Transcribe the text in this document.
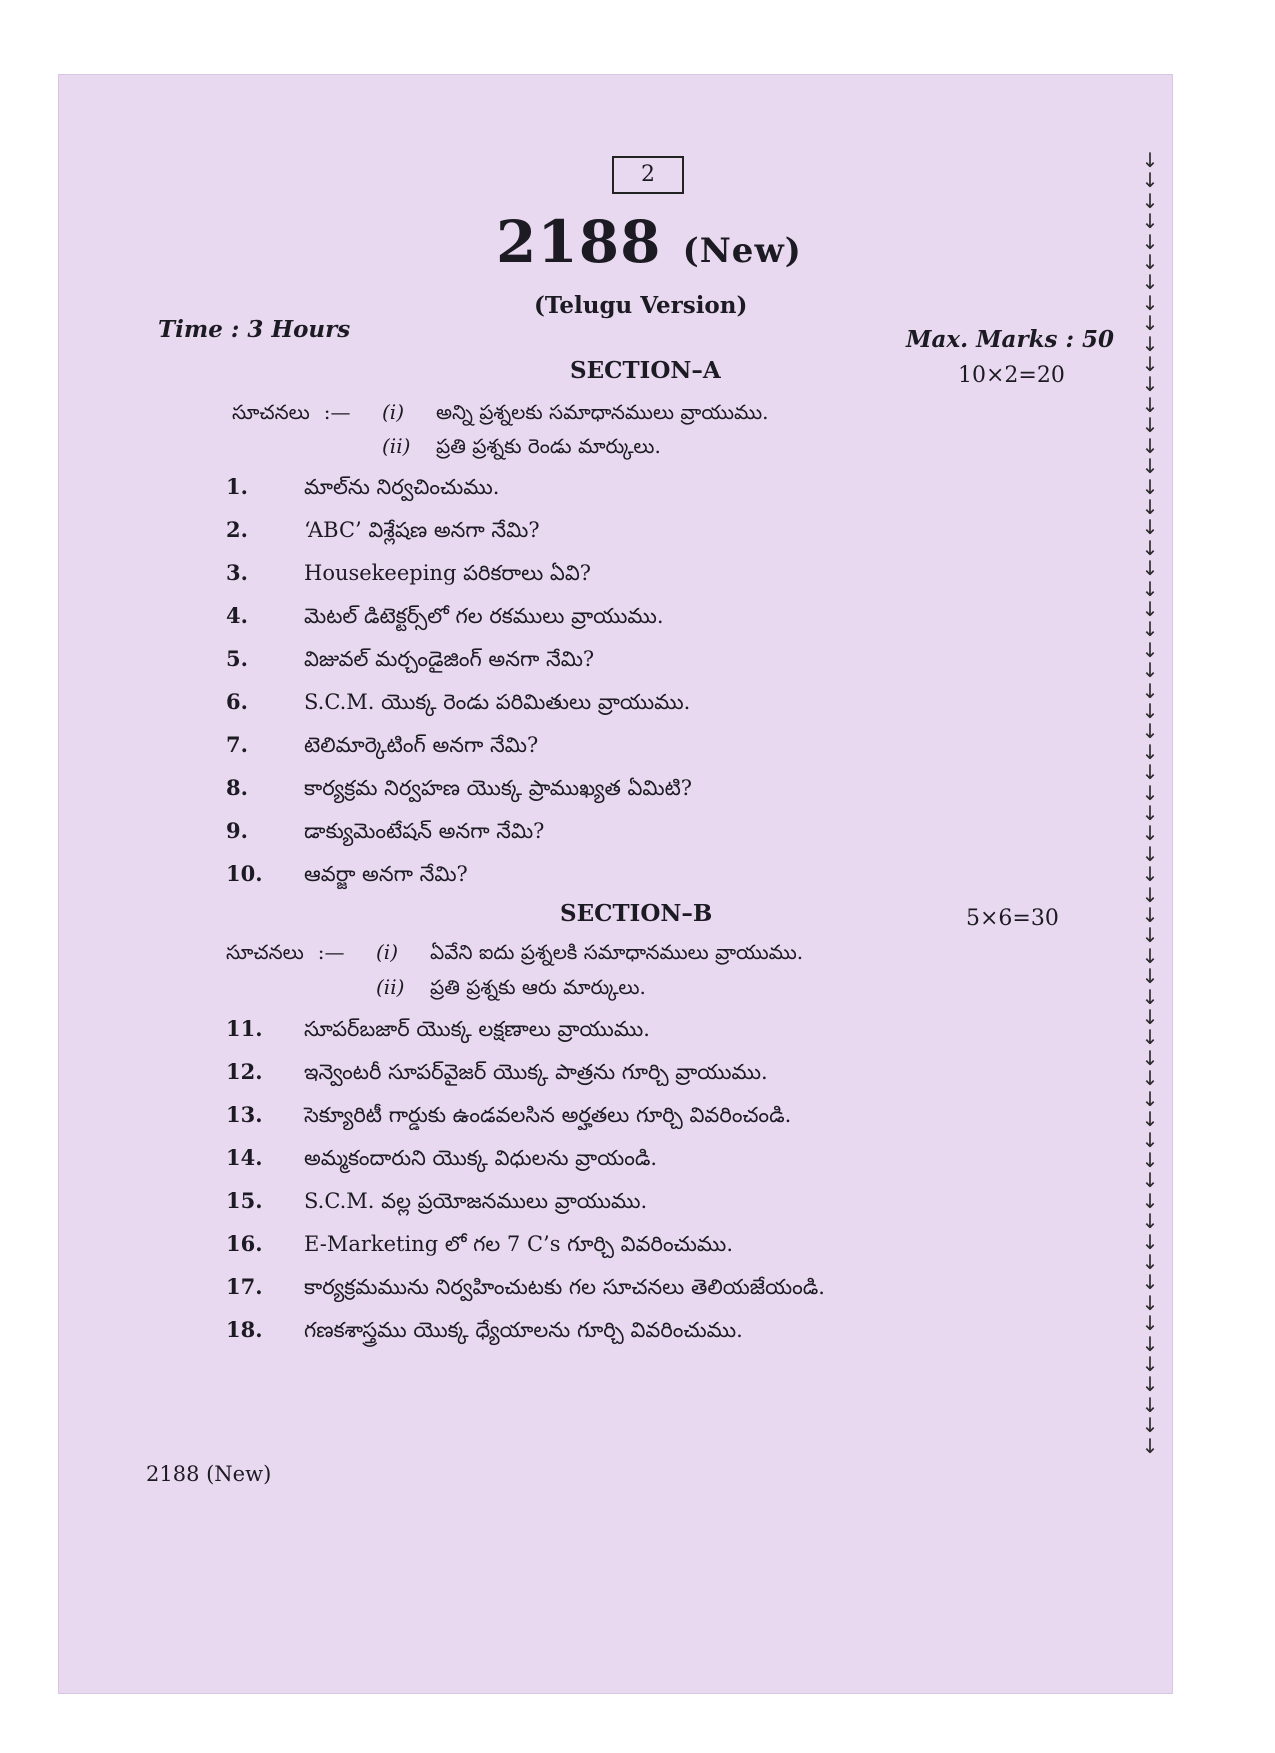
2
2188 (New)
(Telugu Version)
Time : 3 Hours	Max. Marks : 50
SECTION–A	10×2=20
సూచనలు :— (i) అన్ని ప్రశ్నలకు సమాధానములు వ్రాయుము.
(ii) ప్రతి ప్రశ్నకు రెండు మార్కులు.
1.	మాల్‌ను నిర్వచించుము.
2.	‘ABC’ విశ్లేషణ అనగా నేమి?
3.	Housekeeping పరికరాలు ఏవి?
4.	మెటల్ డిటెక్టర్స్‌లో గల రకములు వ్రాయుము.
5.	విజువల్ మర్చండైజింగ్ అనగా నేమి?
6.	S.C.M. యొక్క రెండు పరిమితులు వ్రాయుము.
7.	టెలిమార్కెటింగ్ అనగా నేమి?
8.	కార్యక్రమ నిర్వహణ యొక్క ప్రాముఖ్యత ఏమిటి?
9.	డాక్యుమెంటేషన్ అనగా నేమి?
10. ఆవర్జా అనగా నేమి?
SECTION–B	5×6=30
సూచనలు :— (i) ఏవేని ఐదు ప్రశ్నలకి సమాధానములు వ్రాయుము.
(ii) ప్రతి ప్రశ్నకు ఆరు మార్కులు.
11. సూపర్‌బజార్ యొక్క లక్షణాలు వ్రాయుము.
12. ఇన్వెంటరీ సూపర్‌వైజర్ యొక్క పాత్రను గూర్చి వ్రాయుము.
13. సెక్యూరిటీ గార్డుకు ఉండవలసిన అర్హతలు గూర్చి వివరించండి.
14. అమ్మకందారుని యొక్క విధులను వ్రాయండి.
15. S.C.M. వల్ల ప్రయోజనములు వ్రాయుము.
16. E-Marketing లో గల 7 C’s గూర్చి వివరించుము.
17. కార్యక్రమమును నిర్వహించుటకు గల సూచనలు తెలియజేయండి.
18. గణకశాస్త్రము యొక్క ధ్యేయాలను గూర్చి వివరించుము.
2188 (New)
↓
↓
↓
↓
↓
↓
↓
↓
↓
↓
↓
↓
↓
↓
↓
↓
↓
↓
↓
↓
↓
↓
↓
↓
↓
↓
↓
↓
↓
↓
↓
↓
↓
↓
↓
↓
↓
↓
↓
↓
↓
↓
↓
↓
↓
↓
↓
↓
↓
↓
↓
↓
↓
↓
↓
↓
↓
↓
↓
↓
↓
↓
↓
↓
